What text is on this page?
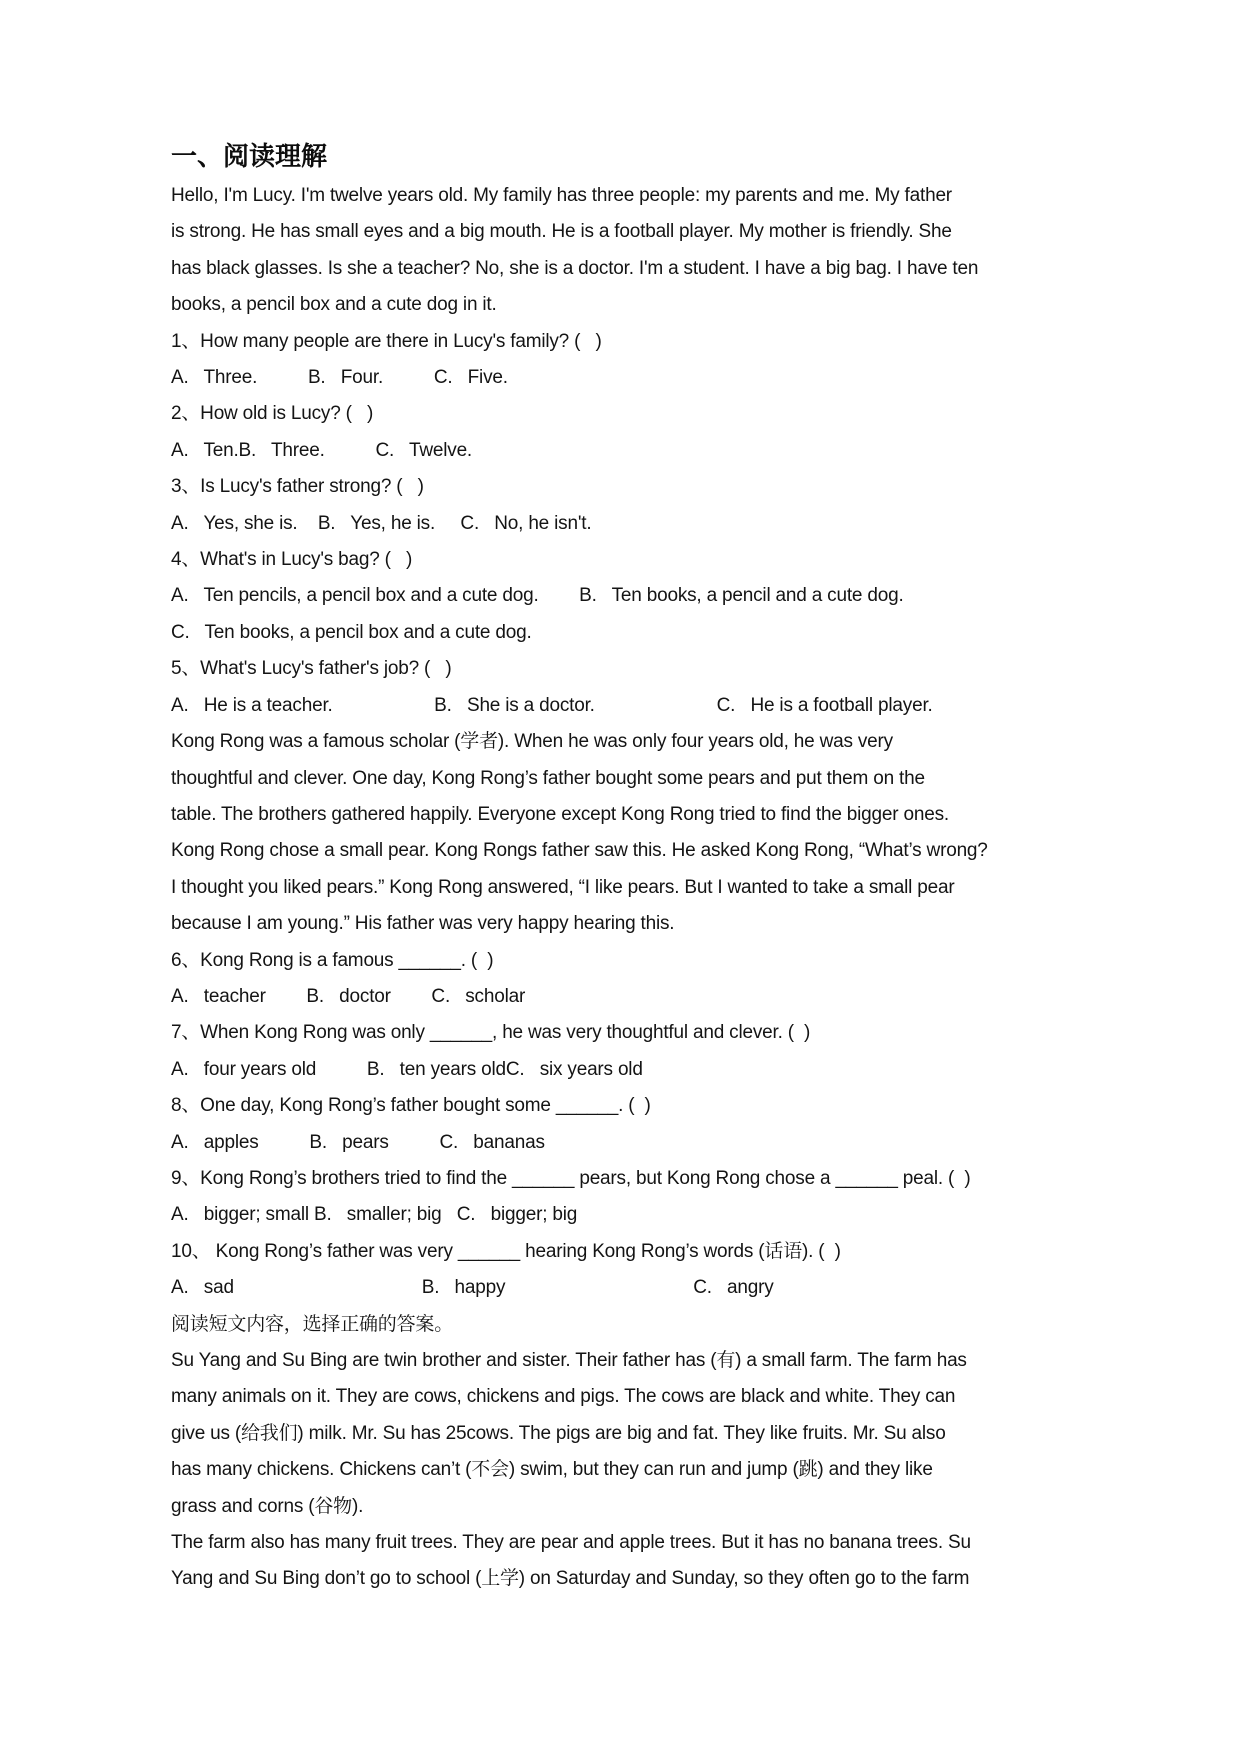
一、阅读理解

Hello, I'm Lucy. I'm twelve years old. My family has three people: my parents and me. My father

is strong. He has small eyes and a big mouth. He is a football player. My mother is friendly. She

has black glasses. Is she a teacher? No, she is a doctor. I'm a student. I have a big bag. I have ten

books, a pencil box and a cute dog in it.

1、How many people are there in Lucy's family? (   )

A.   Three.          B.   Four.          C.   Five.

2、How old is Lucy? (   )

A.   Ten.B.   Three.          C.   Twelve.

3、Is Lucy's father strong? (   )

A.   Yes, she is.    B.   Yes, he is.     C.   No, he isn't.

4、What's in Lucy's bag? (   )

A.   Ten pencils, a pencil box and a cute dog.        B.   Ten books, a pencil and a cute dog.

C.   Ten books, a pencil box and a cute dog.

5、What's Lucy's father's job? (   )

A.   He is a teacher.                    B.   She is a doctor.                        C.   He is a football player.

Kong Rong was a famous scholar (学者). When he was only four years old, he was very

thoughtful and clever. One day, Kong Rong’s father bought some pears and put them on the

table. The brothers gathered happily. Everyone except Kong Rong tried to find the bigger ones.

Kong Rong chose a small pear. Kong Rongs father saw this. He asked Kong Rong, “What’s wrong?

I thought you liked pears.” Kong Rong answered, “I like pears. But I wanted to take a small pear

because I am young.” His father was very happy hearing this.

6、Kong Rong is a famous ______. (  )

A.   teacher        B.   doctor        C.   scholar

7、When Kong Rong was only ______, he was very thoughtful and clever. (  )

A.   four years old          B.   ten years oldC.   six years old

8、One day, Kong Rong’s father bought some ______. (  )

A.   apples          B.   pears          C.   bananas

9、Kong Rong’s brothers tried to find the ______ pears, but Kong Rong chose a ______ peal. (  )

A.   bigger; small B.   smaller; big   C.   bigger; big

10、 Kong Rong’s father was very ______ hearing Kong Rong’s words (话语). (  )

A.   sad                                     B.   happy                                     C.   angry

阅读短文内容，选择正确的答案。

Su Yang and Su Bing are twin brother and sister. Their father has (有) a small farm. The farm has

many animals on it. They are cows, chickens and pigs. The cows are black and white. They can

give us (给我们) milk. Mr. Su has 25cows. The pigs are big and fat. They like fruits. Mr. Su also

has many chickens. Chickens can’t (不会) swim, but they can run and jump (跳) and they like

grass and corns (谷物).

The farm also has many fruit trees. They are pear and apple trees. But it has no banana trees. Su

Yang and Su Bing don’t go to school (上学) on Saturday and Sunday, so they often go to the farm
